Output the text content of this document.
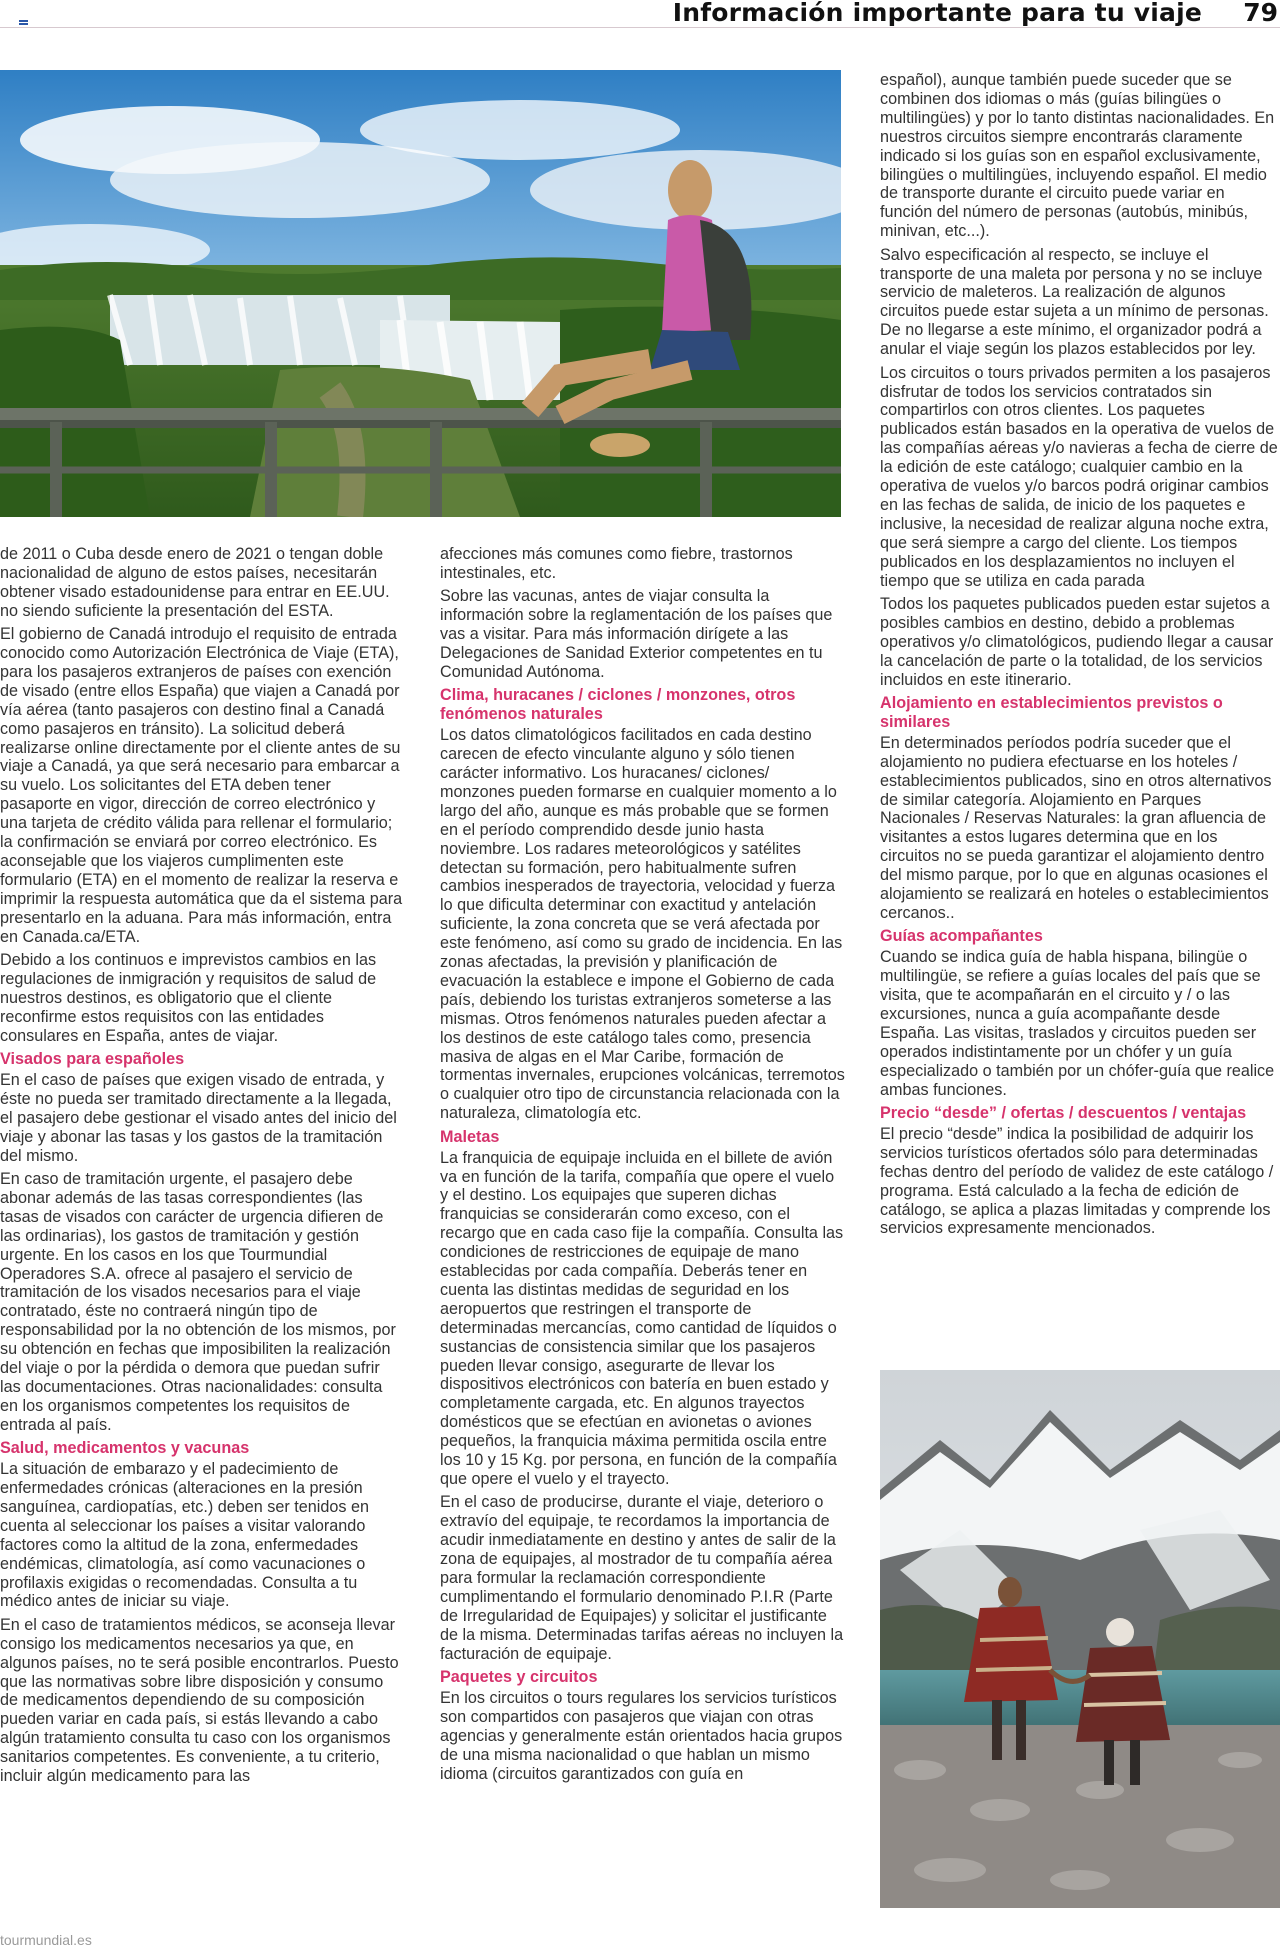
Información importante para tu viaje 79

de 2011 o Cuba desde enero de 2021 o tengan doble nacionalidad de alguno de estos países, necesitarán obtener visado estadounidense para entrar en EE.UU. no siendo suficiente la presentación del ESTA.

El gobierno de Canadá introdujo el requisito de entrada conocido como Autorización Electrónica de Viaje (ETA), para los pasajeros extranjeros de países con exención de visado (entre ellos España) que viajen a Canadá por vía aérea (tanto pasajeros con destino final a Canadá como pasajeros en tránsito). La solicitud deberá realizarse online directamente por el cliente antes de su viaje a Canadá, ya que será necesario para embarcar a su vuelo. Los solicitantes del ETA deben tener pasaporte en vigor, dirección de correo electrónico y una tarjeta de crédito válida para rellenar el formulario; la confirmación se enviará por correo electrónico. Es aconsejable que los viajeros cumplimenten este formulario (ETA) en el momento de realizar la reserva e imprimir la respuesta automática que da el sistema para presentarlo en la aduana. Para más información, entra en Canada.ca/ETA.

Debido a los continuos e imprevistos cambios en las regulaciones de inmigración y requisitos de salud de nuestros destinos, es obligatorio que el cliente reconfirme estos requisitos con las entidades consulares en España, antes de viajar.

Visados para españoles

En el caso de países que exigen visado de entrada, y éste no pueda ser tramitado directamente a la llegada, el pasajero debe gestionar el visado antes del inicio del viaje y abonar las tasas y los gastos de la tramitación del mismo.

En caso de tramitación urgente, el pasajero debe abonar además de las tasas correspondientes (las tasas de visados con carácter de urgencia difieren de las ordinarias), los gastos de tramitación y gestión urgente. En los casos en los que Tourmundial Operadores S.A. ofrece al pasajero el servicio de tramitación de los visados necesarios para el viaje contratado, éste no contraerá ningún tipo de responsabilidad por la no obtención de los mismos, por su obtención en fechas que imposibiliten la realización del viaje o por la pérdida o demora que puedan sufrir las documentaciones. Otras nacionalidades: consulta en los organismos competentes los requisitos de entrada al país.

Salud, medicamentos y vacunas

La situación de embarazo y el padecimiento de enfermedades crónicas (alteraciones en la presión sanguínea, cardiopatías, etc.) deben ser tenidos en cuenta al seleccionar los países a visitar valorando factores como la altitud de la zona, enfermedades endémicas, climatología, así como vacunaciones o profilaxis exigidas o recomendadas. Consulta a tu médico antes de iniciar su viaje.

En el caso de tratamientos médicos, se aconseja llevar consigo los medicamentos necesarios ya que, en algunos países, no te será posible encontrarlos. Puesto que las normativas sobre libre disposición y consumo de medicamentos dependiendo de su composición pueden variar en cada país, si estás llevando a cabo algún tratamiento consulta tu caso con los organismos sanitarios competentes. Es conveniente, a tu criterio, incluir algún medicamento para las

afecciones más comunes como fiebre, trastornos intestinales, etc.

Sobre las vacunas, antes de viajar consulta la información sobre la reglamentación de los países que vas a visitar. Para más información dirígete a las Delegaciones de Sanidad Exterior competentes en tu Comunidad Autónoma.

Clima, huracanes / ciclones / monzones, otros fenómenos naturales

Los datos climatológicos facilitados en cada destino carecen de efecto vinculante alguno y sólo tienen carácter informativo. Los huracanes/ ciclones/ monzones pueden formarse en cualquier momento a lo largo del año, aunque es más probable que se formen en el período comprendido desde junio hasta noviembre. Los radares meteorológicos y satélites detectan su formación, pero habitualmente sufren cambios inesperados de trayectoria, velocidad y fuerza lo que dificulta determinar con exactitud y antelación suficiente, la zona concreta que se verá afectada por este fenómeno, así como su grado de incidencia. En las zonas afectadas, la previsión y planificación de evacuación la establece e impone el Gobierno de cada país, debiendo los turistas extranjeros someterse a las mismas. Otros fenómenos naturales pueden afectar a los destinos de este catálogo tales como, presencia masiva de algas en el Mar Caribe, formación de tormentas invernales, erupciones volcánicas, terremotos o cualquier otro tipo de circunstancia relacionada con la naturaleza, climatología etc.

Maletas

La franquicia de equipaje incluida en el billete de avión va en función de la tarifa, compañía que opere el vuelo y el destino. Los equipajes que superen dichas franquicias se considerarán como exceso, con el recargo que en cada caso fije la compañía. Consulta las condiciones de restricciones de equipaje de mano establecidas por cada compañía. Deberás tener en cuenta las distintas medidas de seguridad en los aeropuertos que restringen el transporte de determinadas mercancías, como cantidad de líquidos o sustancias de consistencia similar que los pasajeros pueden llevar consigo, asegurarte de llevar los dispositivos electrónicos con batería en buen estado y completamente cargada, etc. En algunos trayectos domésticos que se efectúan en avionetas o aviones pequeños, la franquicia máxima permitida oscila entre los 10 y 15 Kg. por persona, en función de la compañía que opere el vuelo y el trayecto.

En el caso de producirse, durante el viaje, deterioro o extravío del equipaje, te recordamos la importancia de acudir inmediatamente en destino y antes de salir de la zona de equipajes, al mostrador de tu compañía aérea para formular la reclamación correspondiente cumplimentando el formulario denominado P.I.R (Parte de Irregularidad de Equipajes) y solicitar el justificante de la misma. Determinadas tarifas aéreas no incluyen la facturación de equipaje.

Paquetes y circuitos

En los circuitos o tours regulares los servicios turísticos son compartidos con pasajeros que viajan con otras agencias y generalmente están orientados hacia grupos de una misma nacionalidad o que hablan un mismo idioma (circuitos garantizados con guía en

español), aunque también puede suceder que se combinen dos idiomas o más (guías bilingües o multilingües) y por lo tanto distintas nacionalidades. En nuestros circuitos siempre encontrarás claramente indicado si los guías son en español exclusivamente, bilingües o multilingües, incluyendo español. El medio de transporte durante el circuito puede variar en función del número de personas (autobús, minibús, minivan, etc...).

Salvo especificación al respecto, se incluye el transporte de una maleta por persona y no se incluye servicio de maleteros. La realización de algunos circuitos puede estar sujeta a un mínimo de personas. De no llegarse a este mínimo, el organizador podrá a anular el viaje según los plazos establecidos por ley.

Los circuitos o tours privados permiten a los pasajeros disfrutar de todos los servicios contratados sin compartirlos con otros clientes. Los paquetes publicados están basados en la operativa de vuelos de las compañías aéreas y/o navieras a fecha de cierre de la edición de este catálogo; cualquier cambio en la operativa de vuelos y/o barcos podrá originar cambios en las fechas de salida, de inicio de los paquetes e inclusive, la necesidad de realizar alguna noche extra, que será siempre a cargo del cliente. Los tiempos publicados en los desplazamientos no incluyen el tiempo que se utiliza en cada parada

Todos los paquetes publicados pueden estar sujetos a posibles cambios en destino, debido a problemas operativos y/o climatológicos, pudiendo llegar a causar la cancelación de parte o la totalidad, de los servicios incluidos en este itinerario.

Alojamiento en establecimientos previstos o similares

En determinados períodos podría suceder que el alojamiento no pudiera efectuarse en los hoteles / establecimientos publicados, sino en otros alternativos de similar categoría. Alojamiento en Parques Nacionales / Reservas Naturales: la gran afluencia de visitantes a estos lugares determina que en los circuitos no se pueda garantizar el alojamiento dentro del mismo parque, por lo que en algunas ocasiones el alojamiento se realizará en hoteles o establecimientos cercanos..

Guías acompañantes

Cuando se indica guía de habla hispana, bilingüe o multilingüe, se refiere a guías locales del país que se visita, que te acompañarán en el circuito y / o las excursiones, nunca a guía acompañante desde España. Las visitas, traslados y circuitos pueden ser operados indistintamente por un chófer y un guía especializado o también por un chófer-guía que realice ambas funciones.

Precio “desde” / ofertas / descuentos / ventajas

El precio “desde” indica la posibilidad de adquirir los servicios turísticos ofertados sólo para determinadas fechas dentro del período de validez de este catálogo / programa. Está calculado a la fecha de edición de catálogo, se aplica a plazas limitadas y comprende los servicios expresamente mencionados.

tourmundial.es
